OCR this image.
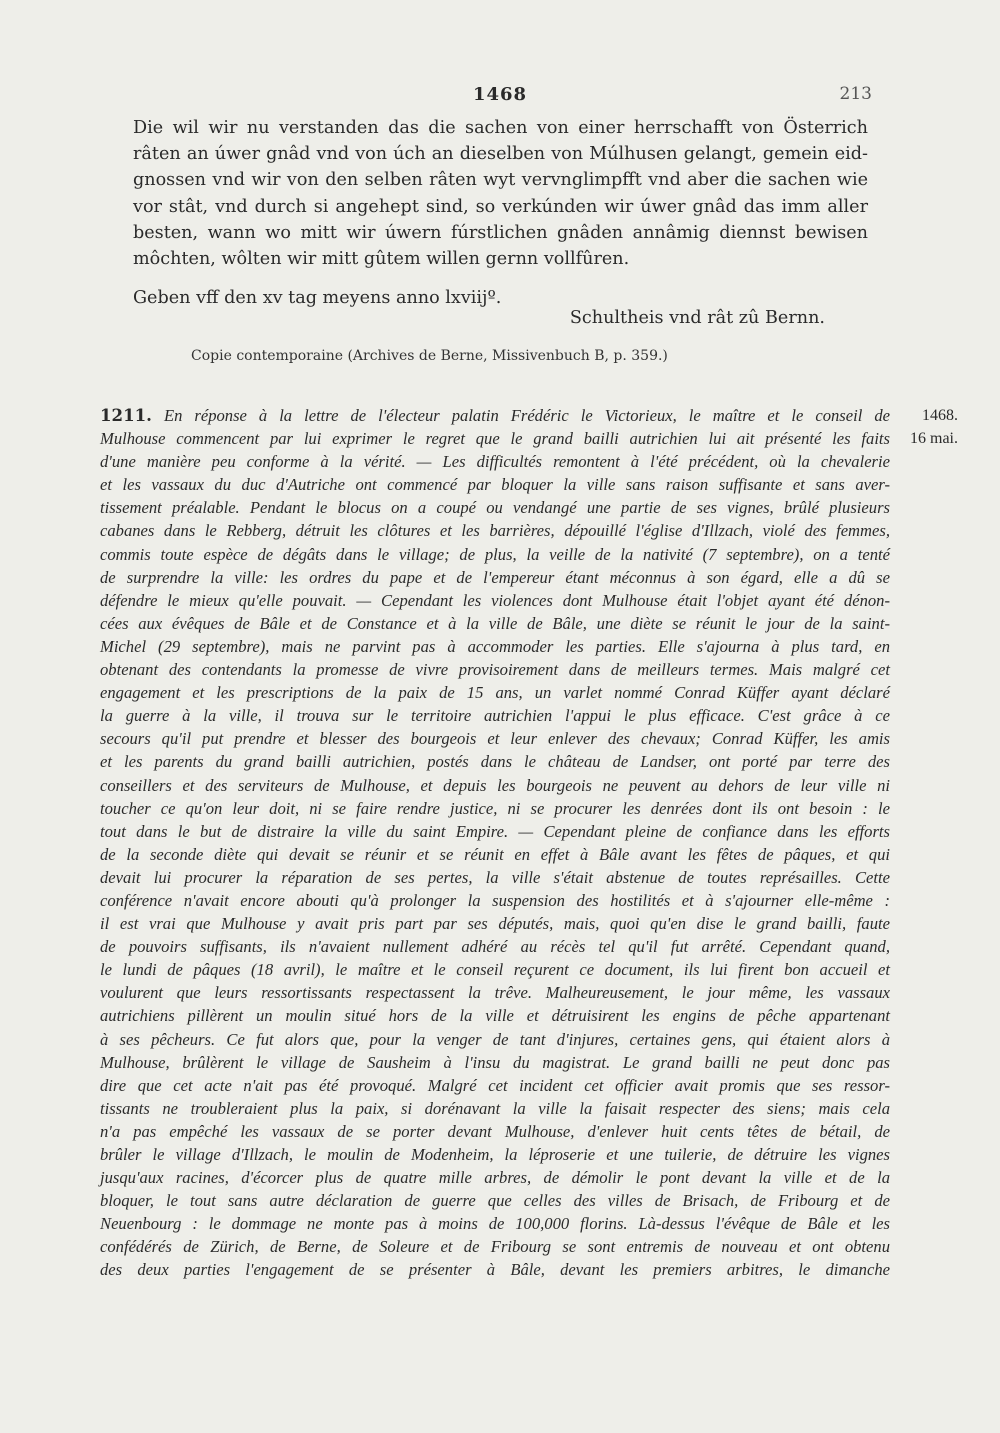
1468	213
Die wil wir nu verstanden das die sachen von einer herrschafft von Österrich
râten an úwer gnâd vnd von úch an dieselben von Múlhusen gelangt, gemein eid-
gnossen vnd wir von den selben râten wyt vervnglimpfft vnd aber die sachen wie
vor stât, vnd durch si angehept sind, so verkúnden wir úwer gnâd das imm aller
besten, wann wo mitt wir úwern fúrstlichen gnâden annâmig diennst bewisen
môchten, wôlten wir mitt gûtem willen gernn vollfûren.
Geben vff den xv tag meyens anno lxviijº.
Schultheis vnd rât zû Bernn.
Copie contemporaine (Archives de Berne, Missivenbuch B, p. 359.)
1211. En réponse à la lettre de l'électeur palatin Frédéric le Victorieux, le maître et le conseil de
Mulhouse commencent par lui exprimer le regret que le grand bailli autrichien lui ait présenté les faits
d'une manière peu conforme à la vérité. — Les difficultés remontent à l'été précédent, où la chevalerie
et les vassaux du duc d'Autriche ont commencé par bloquer la ville sans raison suffisante et sans aver-
tissement préalable. Pendant le blocus on a coupé ou vendangé une partie de ses vignes, brûlé plusieurs
cabanes dans le Rebberg, détruit les clôtures et les barrières, dépouillé l'église d'Illzach, violé des femmes,
commis toute espèce de dégâts dans le village; de plus, la veille de la nativité (7 septembre), on a tenté
de surprendre la ville: les ordres du pape et de l'empereur étant méconnus à son égard, elle a dû se
défendre le mieux qu'elle pouvait. — Cependant les violences dont Mulhouse était l'objet ayant été dénon-
cées aux évêques de Bâle et de Constance et à la ville de Bâle, une diète se réunit le jour de la saint-
Michel (29 septembre), mais ne parvint pas à accommoder les parties. Elle s'ajourna à plus tard, en
obtenant des contendants la promesse de vivre provisoirement dans de meilleurs termes. Mais malgré cet
engagement et les prescriptions de la paix de 15 ans, un varlet nommé Conrad Küffer ayant déclaré
la guerre à la ville, il trouva sur le territoire autrichien l'appui le plus efficace. C'est grâce à ce
secours qu'il put prendre et blesser des bourgeois et leur enlever des chevaux; Conrad Küffer, les amis
et les parents du grand bailli autrichien, postés dans le château de Landser, ont porté par terre des
conseillers et des serviteurs de Mulhouse, et depuis les bourgeois ne peuvent au dehors de leur ville ni
toucher ce qu'on leur doit, ni se faire rendre justice, ni se procurer les denrées dont ils ont besoin : le
tout dans le but de distraire la ville du saint Empire. — Cependant pleine de confiance dans les efforts
de la seconde diète qui devait se réunir et se réunit en effet à Bâle avant les fêtes de pâques, et qui
devait lui procurer la réparation de ses pertes, la ville s'était abstenue de toutes représailles. Cette
conférence n'avait encore abouti qu'à prolonger la suspension des hostilités et à s'ajourner elle-même :
il est vrai que Mulhouse y avait pris part par ses députés, mais, quoi qu'en dise le grand bailli, faute
de pouvoirs suffisants, ils n'avaient nullement adhéré au récès tel qu'il fut arrêté. Cependant quand,
le lundi de pâques (18 avril), le maître et le conseil reçurent ce document, ils lui firent bon accueil et
voulurent que leurs ressortissants respectassent la trêve. Malheureusement, le jour même, les vassaux
autrichiens pillèrent un moulin situé hors de la ville et détruisirent les engins de pêche appartenant
à ses pêcheurs. Ce fut alors que, pour la venger de tant d'injures, certaines gens, qui étaient alors à
Mulhouse, brûlèrent le village de Sausheim à l'insu du magistrat. Le grand bailli ne peut donc pas
dire que cet acte n'ait pas été provoqué. Malgré cet incident cet officier avait promis que ses ressor-
tissants ne troubleraient plus la paix, si dorénavant la ville la faisait respecter des siens; mais cela
n'a pas empêché les vassaux de se porter devant Mulhouse, d'enlever huit cents têtes de bétail, de
brûler le village d'Illzach, le moulin de Modenheim, la léproserie et une tuilerie, de détruire les vignes
jusqu'aux racines, d'écorcer plus de quatre mille arbres, de démolir le pont devant la ville et de la
bloquer, le tout sans autre déclaration de guerre que celles des villes de Brisach, de Fribourg et de
Neuenbourg : le dommage ne monte pas à moins de 100,000 florins. Là-dessus l'évêque de Bâle et les
confédérés de Zürich, de Berne, de Soleure et de Fribourg se sont entremis de nouveau et ont obtenu
des deux parties l'engagement de se présenter à Bâle, devant les premiers arbitres, le dimanche
1468.
16 mai.
